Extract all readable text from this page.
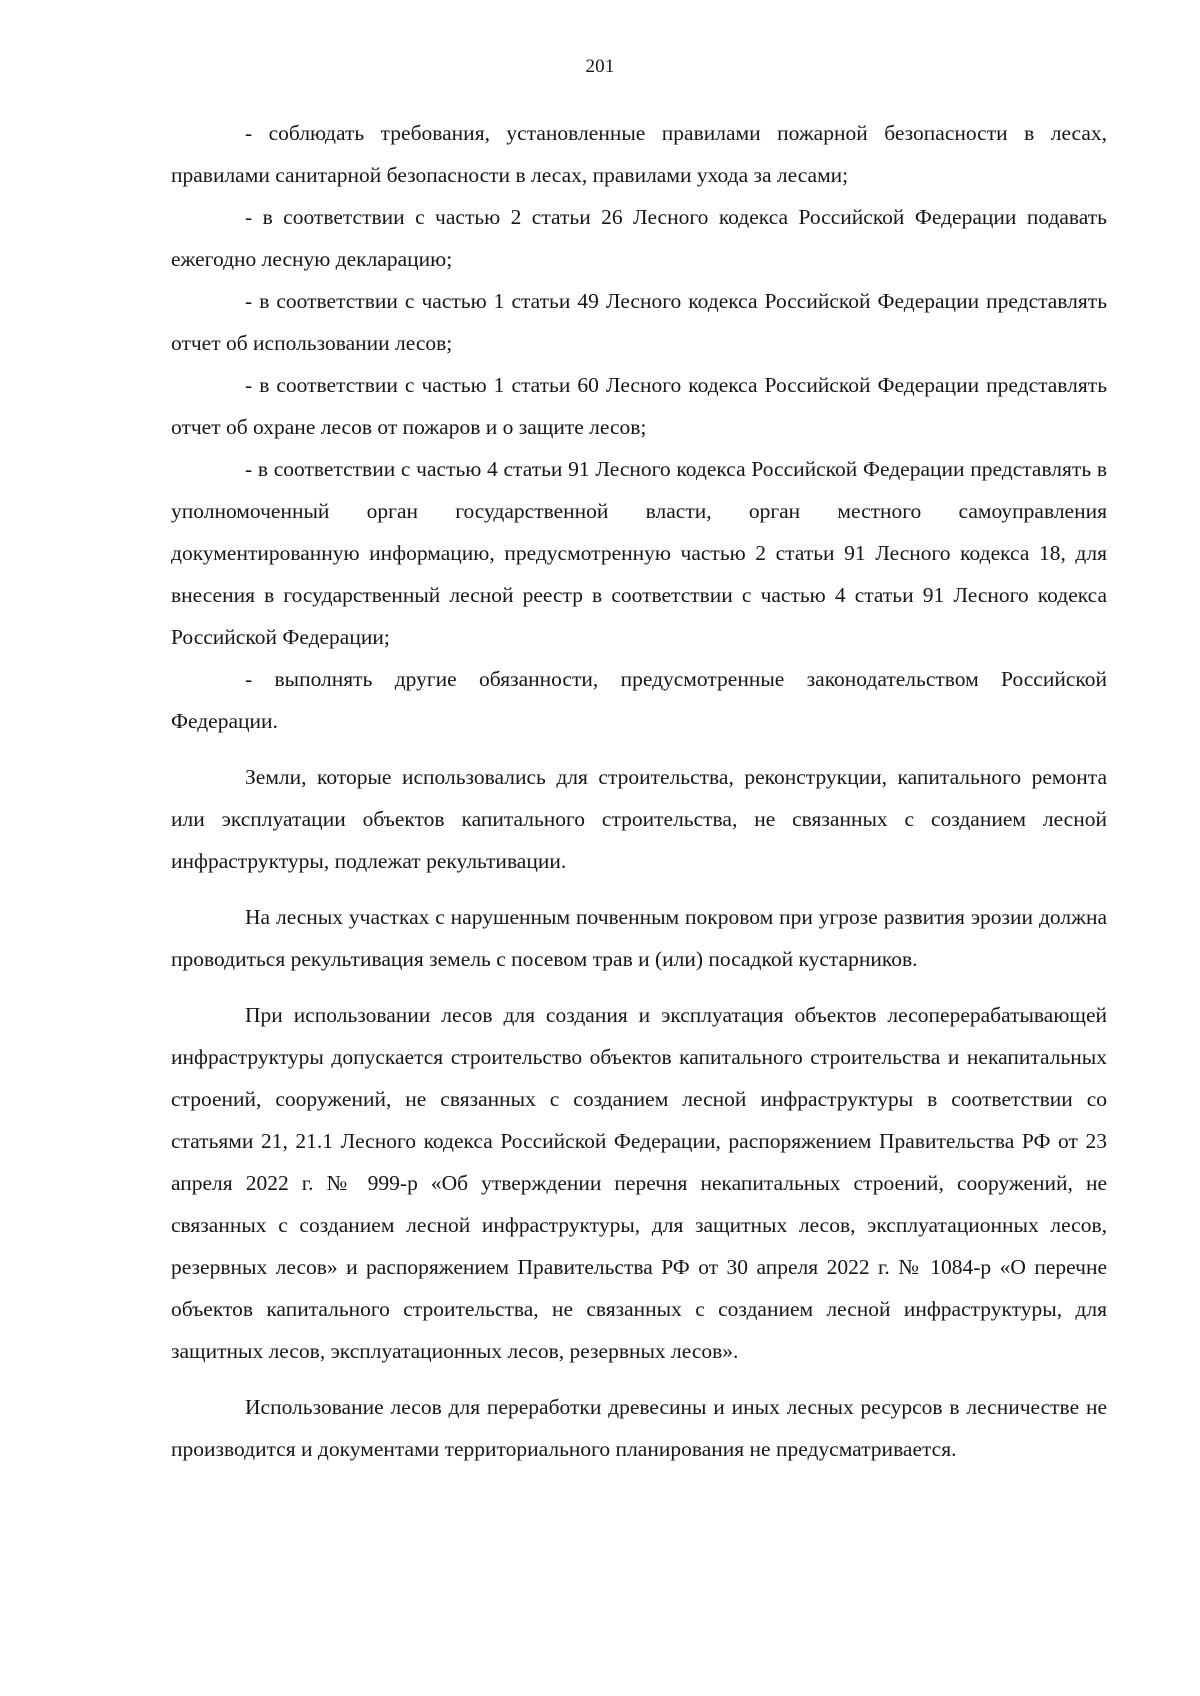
201

- соблюдать требования, установленные правилами пожарной безопасности в лесах, правилами санитарной безопасности в лесах, правилами ухода за лесами;

- в соответствии с частью 2 статьи 26 Лесного кодекса Российской Федерации подавать ежегодно лесную декларацию;

- в соответствии с частью 1 статьи 49 Лесного кодекса Российской Федерации представлять отчет об использовании лесов;

- в соответствии с частью 1 статьи 60 Лесного кодекса Российской Федерации представлять отчет об охране лесов от пожаров и о защите лесов;

- в соответствии с частью 4 статьи 91 Лесного кодекса Российской Федерации представлять в уполномоченный орган государственной власти, орган местного самоуправления документированную информацию, предусмотренную частью 2 статьи 91 Лесного кодекса 18, для внесения в государственный лесной реестр в соответствии с частью 4 статьи 91 Лесного кодекса Российской Федерации;

- выполнять другие обязанности, предусмотренные законодательством Российской Федерации.

Земли, которые использовались для строительства, реконструкции, капитального ремонта или эксплуатации объектов капитального строительства, не связанных с созданием лесной инфраструктуры, подлежат рекультивации.

На лесных участках с нарушенным почвенным покровом при угрозе развития эрозии должна проводиться рекультивация земель с посевом трав и (или) посадкой кустарников.

При использовании лесов для создания и эксплуатация объектов лесоперерабатывающей инфраструктуры допускается строительство объектов капитального строительства и некапитальных строений, сооружений, не связанных с созданием лесной инфраструктуры в соответствии со статьями 21, 21.1 Лесного кодекса Российской Федерации, распоряжением Правительства РФ от 23 апреля 2022 г. № 999-р «Об утверждении перечня некапитальных строений, сооружений, не связанных с созданием лесной инфраструктуры, для защитных лесов, эксплуатационных лесов, резервных лесов» и распоряжением Правительства РФ от 30 апреля 2022 г. № 1084-р «О перечне объектов капитального строительства, не связанных с созданием лесной инфраструктуры, для защитных лесов, эксплуатационных лесов, резервных лесов».

Использование лесов для переработки древесины и иных лесных ресурсов в лесничестве не производится и документами территориального планирования не предусматривается.
